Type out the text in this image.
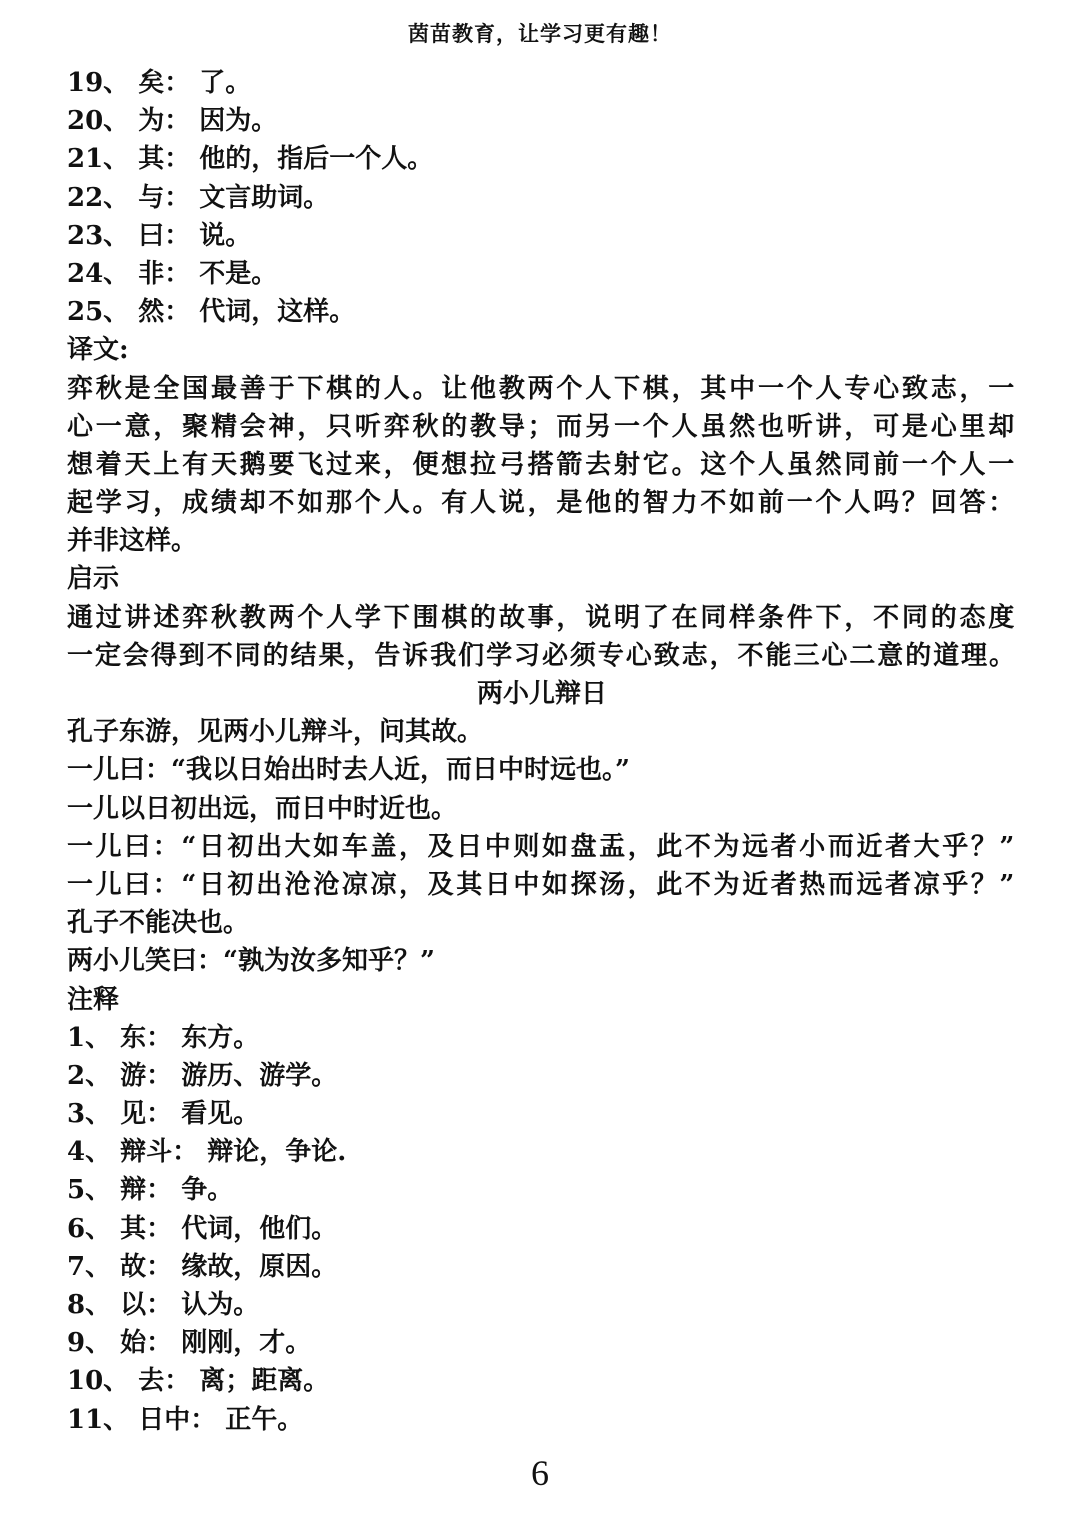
茵苗教育，让学习更有趣！
19、 矣： 了。
20、 为： 因为。
21、 其： 他的，指后一个人。
22、 与： 文言助词。
23、 曰： 说。
24、 非： 不是。
25、 然： 代词，这样。
译文:
弈秋是全国最善于下棋的人。让他教两个人下棋，其中一个人专心致志，一
心一意，聚精会神，只听弈秋的教导；而另一个人虽然也听讲，可是心里却
想着天上有天鹅要飞过来，便想拉弓搭箭去射它。这个人虽然同前一个人一
起学习，成绩却不如那个人。有人说，是他的智力不如前一个人吗？回答：
并非这样。
启示
通过讲述弈秋教两个人学下围棋的故事，说明了在同样条件下，不同的态度
一定会得到不同的结果，告诉我们学习必须专心致志，不能三心二意的道理。
两小儿辩日
孔子东游，见两小儿辩斗，问其故。
一儿曰：“我以日始出时去人近，而日中时远也。”
一儿以日初出远，而日中时近也。
一儿曰：“日初出大如车盖，及日中则如盘盂，此不为远者小而近者大乎？”
一儿曰：“日初出沧沧凉凉，及其日中如探汤，此不为近者热而远者凉乎？”
孔子不能决也。
两小儿笑曰：“孰为汝多知乎？”
注释
1、 东： 东方。
2、 游： 游历、游学。
3、 见： 看见。
4、 辩斗： 辩论，争论.
5、 辩： 争。
6、 其： 代词，他们。
7、 故： 缘故，原因。
8、 以： 认为。
9、 始： 刚刚，才。
10、 去： 离；距离。
11、 日中： 正午。
6
